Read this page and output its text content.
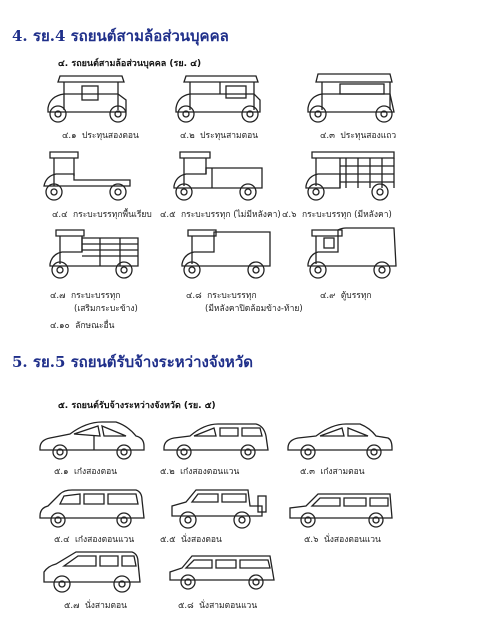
4. รย.4 รถยนต์สามล้อส่วนบุคคล
๔. รถยนต์สามล้อส่วนบุคคล (รย. ๔)
๔.๑ ประทุนสองตอน	๔.๒ ประทุนสามตอน	๔.๓ ประทุนสองแถว
๔.๔ กระบะบรรทุกพื้นเรียบ ๔.๕ กระบะบรรทุก (ไม่มีหลังคา) ๔.๖ กระบะบรรทุก (มีหลังคา)
๔.๗ กระบะบรรทุก
(เสริมกระบะข้าง)
๔.๘ กระบะบรรทุก
(มีหลังคาปิดล้อมข้าง-ท้าย)
๔.๙ ตู้บรรทุก
๔.๑๐ ลักษณะอื่น
5. รย.5 รถยนต์รับจ้างระหว่างจังหวัด
๕. รถยนต์รับจ้างระหว่างจังหวัด (รย. ๕)
๕.๑ เก๋งสองตอน	๕.๒ เก๋งสองตอนแวน	๕.๓ เก๋งสามตอน
๕.๔ เก๋งสองตอนแวน	๕.๕ นั่งสองตอน	๕.๖ นั่งสองตอนแวน
๕.๗ นั่งสามตอน	๕.๘ นั่งสามตอนแวน
